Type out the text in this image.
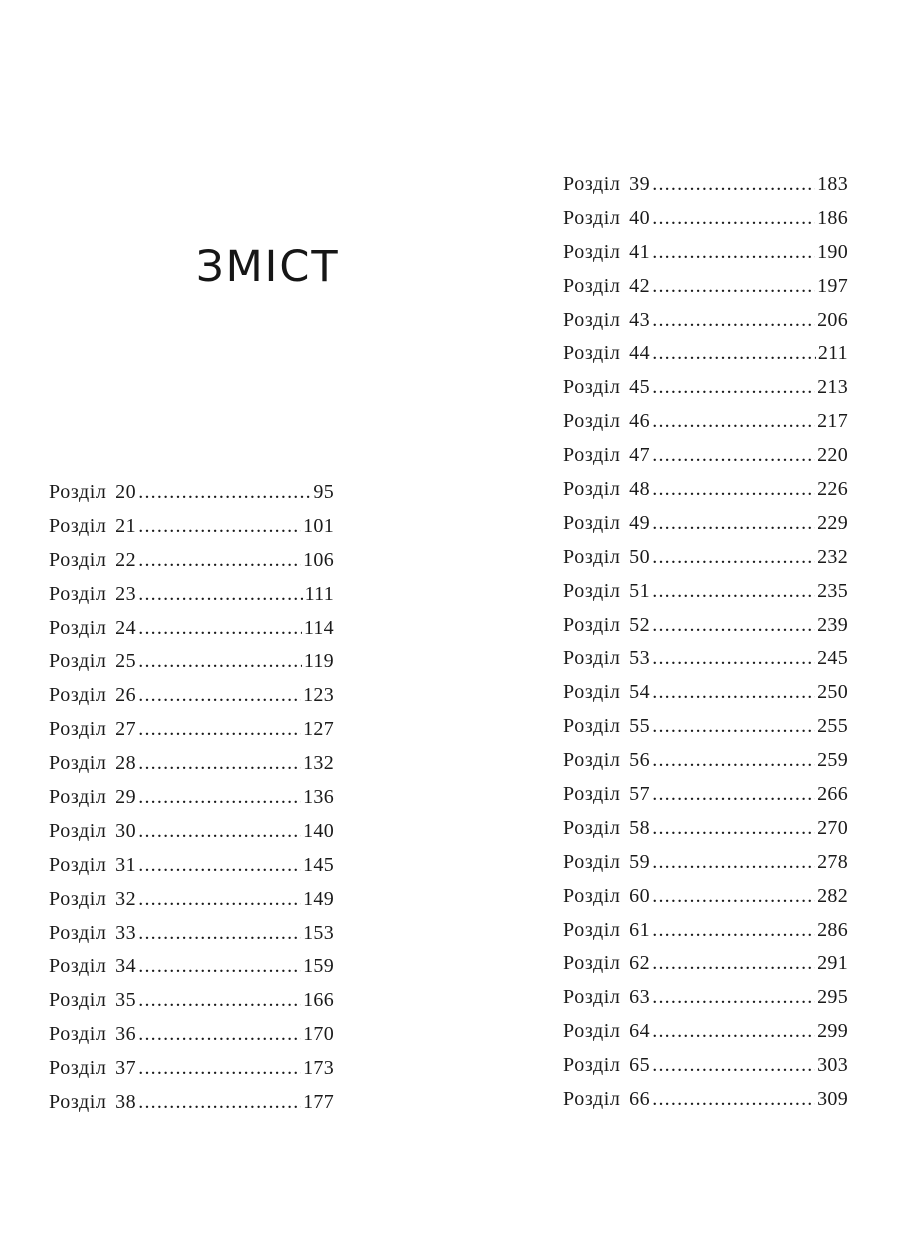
ЗМІСТ
Розділ 20 .....	95
Розділ 21 .....	101
Розділ 22 .....	106
Розділ 23 .....	111
Розділ 24 .....	114
Розділ 25 .....	119
Розділ 26 .....	123
Розділ 27 .....	127
Розділ 28 .....	132
Розділ 29 .....	136
Розділ 30 .....	140
Розділ 31 .....	145
Розділ 32 .....	149
Розділ 33 .....	153
Розділ 34 .....	159
Розділ 35 .....	166
Розділ 36 .....	170
Розділ 37 .....	173
Розділ 38 .....	177
Розділ 39 .....	183
Розділ 40 .....	186
Розділ 41 .....	190
Розділ 42 .....	197
Розділ 43 .....	206
Розділ 44 .....	211
Розділ 45 .....	213
Розділ 46 .....	217
Розділ 47 .....	220
Розділ 48 .....	226
Розділ 49 .....	229
Розділ 50 .....	232
Розділ 51 .....	235
Розділ 52 .....	239
Розділ 53 .....	245
Розділ 54 .....	250
Розділ 55 .....	255
Розділ 56 .....	259
Розділ 57 .....	266
Розділ 58 .....	270
Розділ 59 .....	278
Розділ 60 .....	282
Розділ 61 .....	286
Розділ 62 .....	291
Розділ 63 .....	295
Розділ 64 .....	299
Розділ 65 .....	303
Розділ 66 .....	309
